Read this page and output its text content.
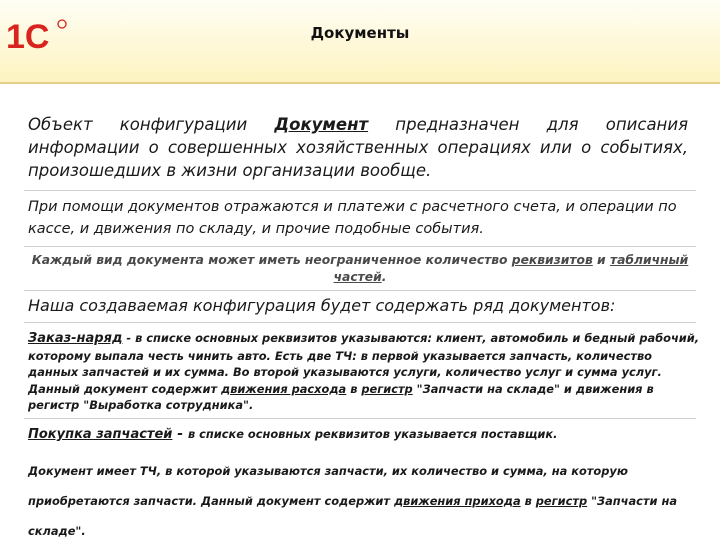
1С	Документы
Объект конфигурации Документ предназначен для описания информации о совершенных хозяйственных операциях или о событиях, произошедших в жизни организации вообще.
При помощи документов отражаются и платежи с расчетного счета, и операции по кассе, и движения по складу, и прочие подобные события.
Каждый вид документа может иметь неограниченное количество реквизитов и табличный частей.
Наша создаваемая конфигурация будет содержать ряд документов:
Заказ-наряд - в списке основных реквизитов указываются: клиент, автомобиль и бедный рабочий, которому выпала честь чинить авто. Есть две ТЧ: в первой указывается запчасть, количество данных запчастей и их сумма. Во второй указываются услуги, количество услуг и сумма услуг. Данный документ содержит движения расхода в регистр "Запчасти на складе" и движения в регистр "Выработка сотрудника".
Покупка запчастей - в списке основных реквизитов указывается поставщик.
Документ имеет ТЧ, в которой указываются запчасти, их количество и сумма, на которую приобретаются запчасти. Данный документ содержит движения прихода в регистр "Запчасти на складе".
